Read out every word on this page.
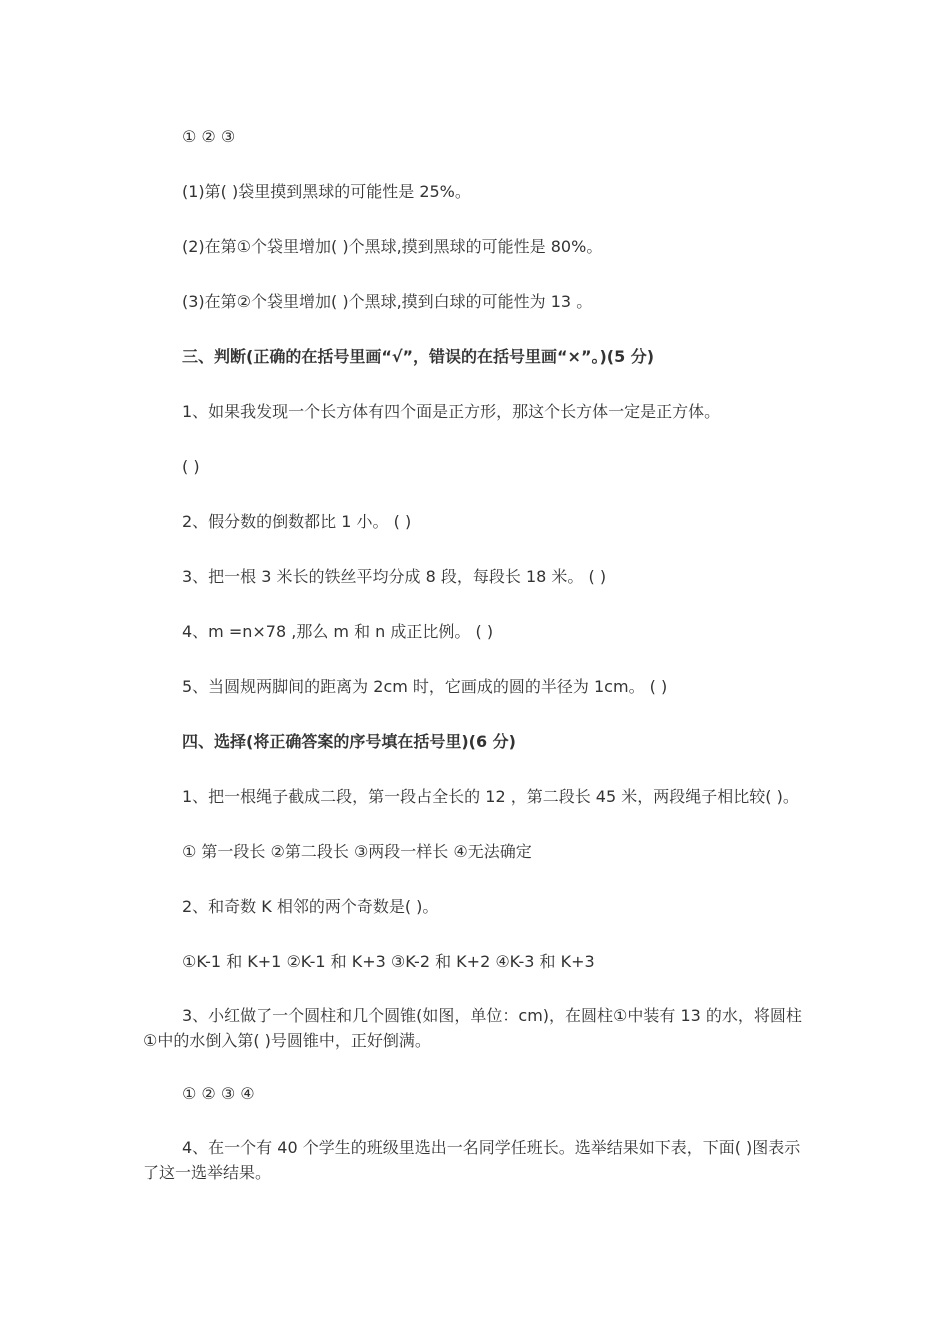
① ② ③
(1)第( )袋里摸到黑球的可能性是 25%。
(2)在第①个袋里增加( )个黑球,摸到黑球的可能性是 80%。
(3)在第②个袋里增加( )个黑球,摸到白球的可能性为 13 。
三、判断(正确的在括号里画“√”，错误的在括号里画“×”。)(5 分)
1、如果我发现一个长方体有四个面是正方形，那这个长方体一定是正方体。
( )
2、假分数的倒数都比 1 小。 ( )
3、把一根 3 米长的铁丝平均分成 8 段，每段长 18 米。 ( )
4、m =n×78 ,那么 m 和 n 成正比例。 ( )
5、当圆规两脚间的距离为 2cm 时，它画成的圆的半径为 1cm。 ( )
四、选择(将正确答案的序号填在括号里)(6 分)
1、把一根绳子截成二段，第一段占全长的 12 ，第二段长 45 米，两段绳子相比较( )。
① 第一段长 ②第二段长 ③两段一样长 ④无法确定
2、和奇数 K 相邻的两个奇数是( )。
①K-1 和 K+1 ②K-1 和 K+3 ③K-2 和 K+2 ④K-3 和 K+3
3、小红做了一个圆柱和几个圆锥(如图，单位：cm)，在圆柱①中装有 13 的水，将圆柱①中的水倒入第( )号圆锥中，正好倒满。
① ② ③ ④
4、在一个有 40 个学生的班级里选出一名同学任班长。选举结果如下表，下面( )图表示了这一选举结果。
